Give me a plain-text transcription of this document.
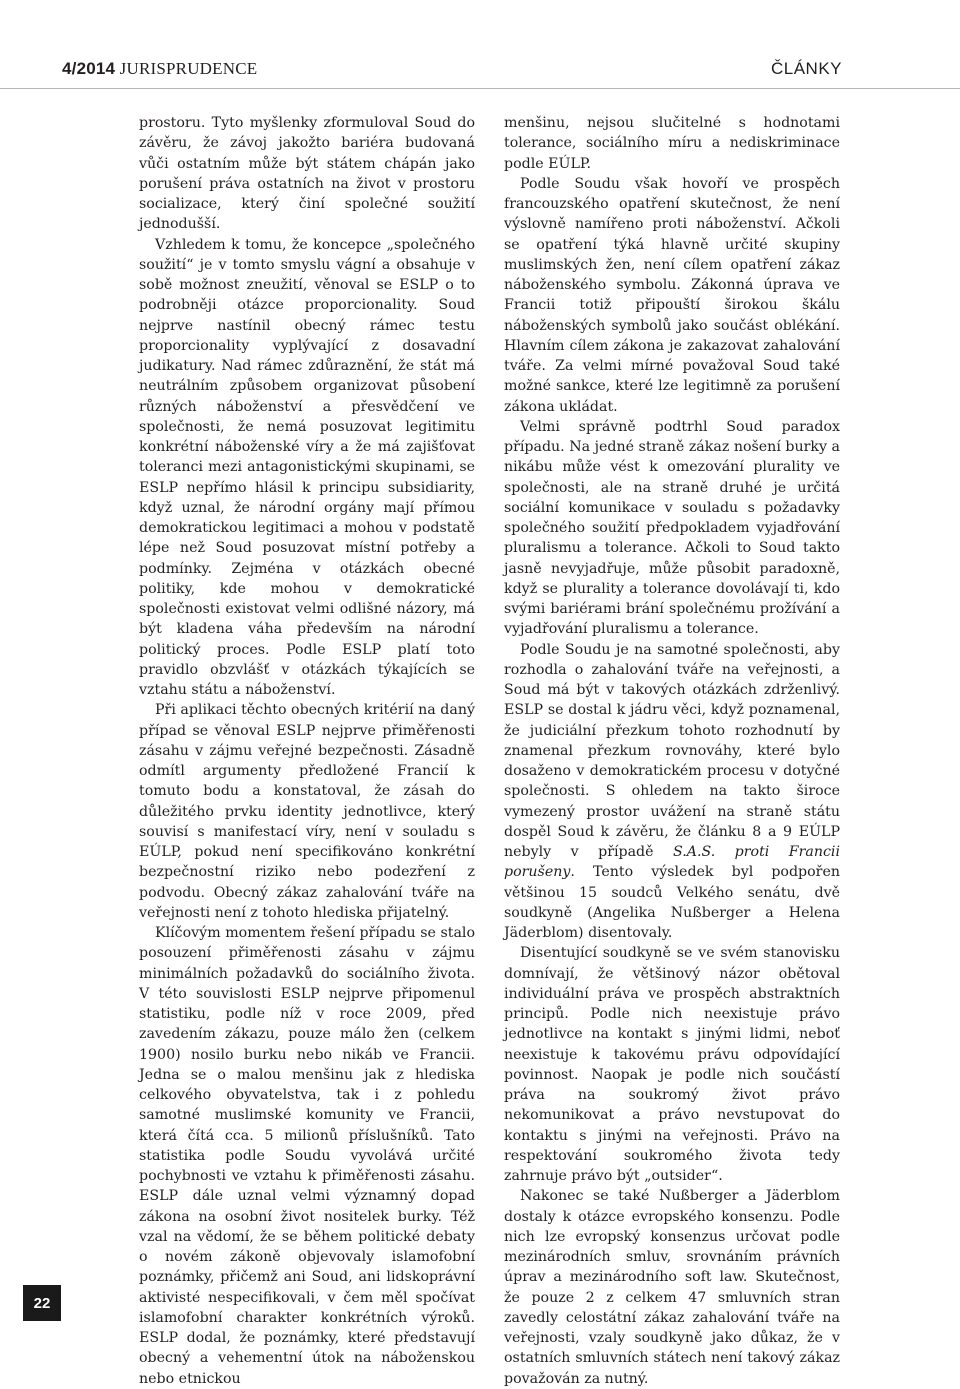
4/2014 JURISPRUDENCE	ČLÁNKY

prostoru. Tyto myšlenky zformuloval Soud do závěru, že závoj jakožto bariéra budovaná vůči ostatním může být státem chápán jako porušení práva ostatních na život v prostoru socializace, který činí společné soužití jednodušší.

Vzhledem k tomu, že koncepce „společného soužití“ je v tomto smyslu vágní a obsahuje v sobě možnost zneužití, věnoval se ESLP o to podrobněji otázce proporcionality. Soud nejprve nastínil obecný rámec testu proporcionality vyplývající z dosavadní judikatury. Nad rámec zdůraznění, že stát má neutrálním způsobem organizovat působení různých náboženství a přesvědčení ve společnosti, že nemá posuzovat legitimitu konkrétní náboženské víry a že má zajišťovat toleranci mezi antagonistickými skupinami, se ESLP nepřímo hlásil k principu subsidiarity, když uznal, že národní orgány mají přímou demokratickou legitimaci a mohou v podstatě lépe než Soud posuzovat místní potřeby a podmínky. Zejména v otázkách obecné politiky, kde mohou v demokratické společnosti existovat velmi odlišné názory, má být kladena váha především na národní politický proces. Podle ESLP platí toto pravidlo obzvlášť v otázkách týkajících se vztahu státu a náboženství.

Při aplikaci těchto obecných kritérií na daný případ se věnoval ESLP nejprve přiměřenosti zásahu v zájmu veřejné bezpečnosti. Zásadně odmítl argumenty předložené Francií k tomuto bodu a konstatoval, že zásah do důležitého prvku identity jednotlivce, který souvisí s manifestací víry, není v souladu s EÚLP, pokud není specifikováno konkrétní bezpečnostní riziko nebo podezření z podvodu. Obecný zákaz zahalování tváře na veřejnosti není z tohoto hlediska přijatelný.

Klíčovým momentem řešení případu se stalo posouzení přiměřenosti zásahu v zájmu minimálních požadavků do sociálního života. V této souvislosti ESLP nejprve připomenul statistiku, podle níž v roce 2009, před zavedením zákazu, pouze málo žen (celkem 1900) nosilo burku nebo nikáb ve Francii. Jedna se o malou menšinu jak z hlediska celkového obyvatelstva, tak i z pohledu samotné muslimské komunity ve Francii, která čítá cca. 5 milionů příslušníků. Tato statistika podle Soudu vyvolává určité pochybnosti ve vztahu k přiměřenosti zásahu. ESLP dále uznal velmi významný dopad zákona na osobní život nositelek burky. Též vzal na vědomí, že se během politické debaty o novém zákoně objevovaly islamofobní poznámky, přičemž ani Soud, ani lidskoprávní aktivisté nespecifikovali, v čem měl spočívat islamofobní charakter konkrétních výroků. ESLP dodal, že poznámky, které představují obecný a vehementní útok na náboženskou nebo etnickou

menšinu, nejsou slučitelné s hodnotami tolerance, sociálního míru a nediskriminace podle EÚLP.

Podle Soudu však hovoří ve prospěch francouzského opatření skutečnost, že není výslovně namířeno proti náboženství. Ačkoli se opatření týká hlavně určité skupiny muslimských žen, není cílem opatření zákaz náboženského symbolu. Zákonná úprava ve Francii totiž připouští širokou škálu náboženských symbolů jako součást oblékání. Hlavním cílem zákona je zakazovat zahalování tváře. Za velmi mírné považoval Soud také možné sankce, které lze legitimně za porušení zákona ukládat.

Velmi správně podtrhl Soud paradox případu. Na jedné straně zákaz nošení burky a nikábu může vést k omezování plurality ve společnosti, ale na straně druhé je určitá sociální komunikace v souladu s požadavky společného soužití předpokladem vyjadřování pluralismu a tolerance. Ačkoli to Soud takto jasně nevyjadřuje, může působit paradoxně, když se plurality a tolerance dovolávají ti, kdo svými bariérami brání společnému prožívání a vyjadřování pluralismu a tolerance.

Podle Soudu je na samotné společnosti, aby rozhodla o zahalování tváře na veřejnosti, a Soud má být v takových otázkách zdrženlivý. ESLP se dostal k jádru věci, když poznamenal, že judiciální přezkum tohoto rozhodnutí by znamenal přezkum rovnováhy, které bylo dosaženo v demokratickém procesu v dotyčné společnosti. S ohledem na takto široce vymezený prostor uvážení na straně státu dospěl Soud k závěru, že článku 8 a 9 EÚLP nebyly v případě S.A.S. proti Francii porušeny. Tento výsledek byl podpořen většinou 15 soudců Velkého senátu, dvě soudkyně (Angelika Nußberger a Helena Jäderblom) disentovaly.

Disentující soudkyně se ve svém stanovisku domnívají, že většinový názor obětoval individuální práva ve prospěch abstraktních principů. Podle nich neexistuje právo jednotlivce na kontakt s jinými lidmi, neboť neexistuje k takovému právu odpovídající povinnost. Naopak je podle nich součástí práva na soukromý život právo nekomunikovat a právo nevstupovat do kontaktu s jinými na veřejnosti. Právo na respektování soukromého života tedy zahrnuje právo být „outsider“.

Nakonec se také Nußberger a Jäderblom dostaly k otázce evropského konsenzu. Podle nich lze evropský konsenzus určovat podle mezinárodních smluv, srovnáním právních úprav a mezinárodního soft law. Skutečnost, že pouze 2 z celkem 47 smluvních stran zavedly celostátní zákaz zahalování tváře na veřejnosti, vzaly soudkyně jako důkaz, že v ostatních smluvních státech není takový zákaz považován za nutný.

22
